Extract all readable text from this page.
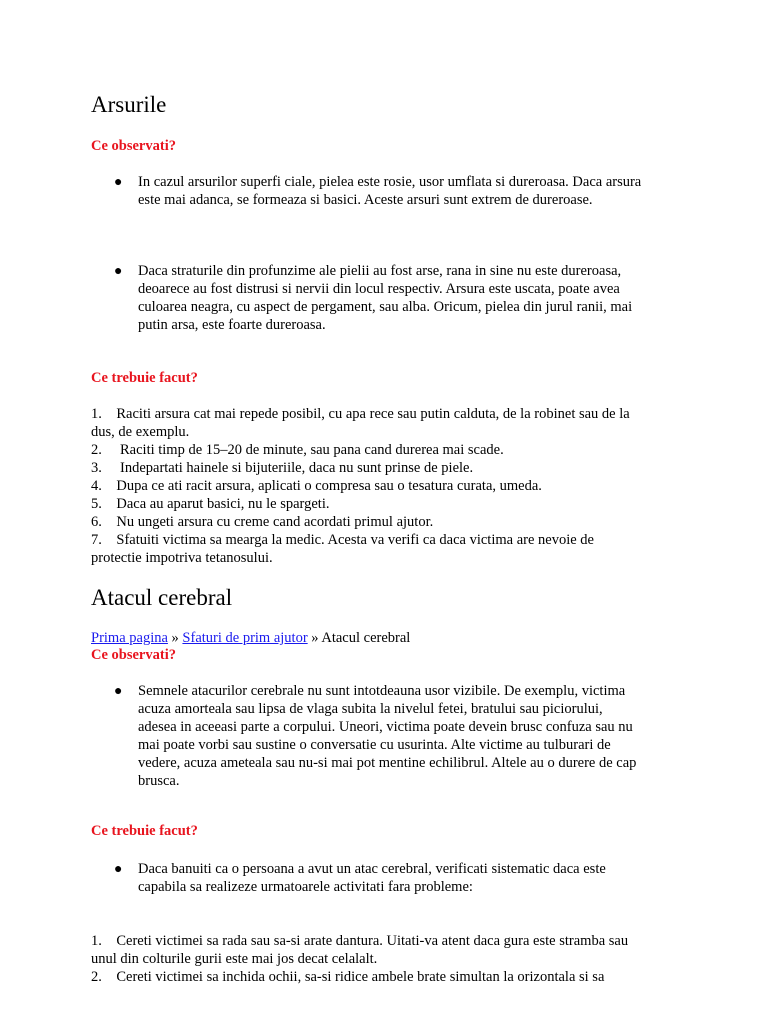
Arsurile
Ce observati?
● In cazul arsurilor superfi ciale, pielea este rosie, usor umflata si dureroasa. Daca arsura
este mai adanca, se formeaza si basici. Aceste arsuri sunt extrem de dureroase.
● Daca straturile din profunzime ale pielii au fost arse, rana in sine nu este dureroasa,
deoarece au fost distrusi si nervii din locul respectiv. Arsura este uscata, poate avea
culoarea neagra, cu aspect de pergament, sau alba. Oricum, pielea din jurul ranii, mai
putin arsa, este foarte dureroasa.
Ce trebuie facut?
1.    Raciti arsura cat mai repede posibil, cu apa rece sau putin calduta, de la robinet sau de la
dus, de exemplu.
2.     Raciti timp de 15–20 de minute, sau pana cand durerea mai scade.
3.     Indepartati hainele si bijuteriile, daca nu sunt prinse de piele.
4.    Dupa ce ati racit arsura, aplicati o compresa sau o tesatura curata, umeda.
5.    Daca au aparut basici, nu le spargeti.
6.    Nu ungeti arsura cu creme cand acordati primul ajutor.
7.    Sfatuiti victima sa mearga la medic. Acesta va verifi ca daca victima are nevoie de
protectie impotriva tetanosului.
Atacul cerebral
Prima pagina » Sfaturi de prim ajutor » Atacul cerebral
Ce observati?
● Semnele atacurilor cerebrale nu sunt intotdeauna usor vizibile. De exemplu, victima
acuza amorteala sau lipsa de vlaga subita la nivelul fetei, bratului sau piciorului,
adesea in aceeasi parte a corpului. Uneori, victima poate devein brusc confuza sau nu
mai poate vorbi sau sustine o conversatie cu usurinta. Alte victime au tulburari de
vedere, acuza ameteala sau nu-si mai pot mentine echilibrul. Altele au o durere de cap
brusca.
Ce trebuie facut?
● Daca banuiti ca o persoana a avut un atac cerebral, verificati sistematic daca este
capabila sa realizeze urmatoarele activitati fara probleme:
1.    Cereti victimei sa rada sau sa-si arate dantura. Uitati-va atent daca gura este stramba sau
unul din colturile gurii este mai jos decat celalalt.
2.    Cereti victimei sa inchida ochii, sa-si ridice ambele brate simultan la orizontala si sa
